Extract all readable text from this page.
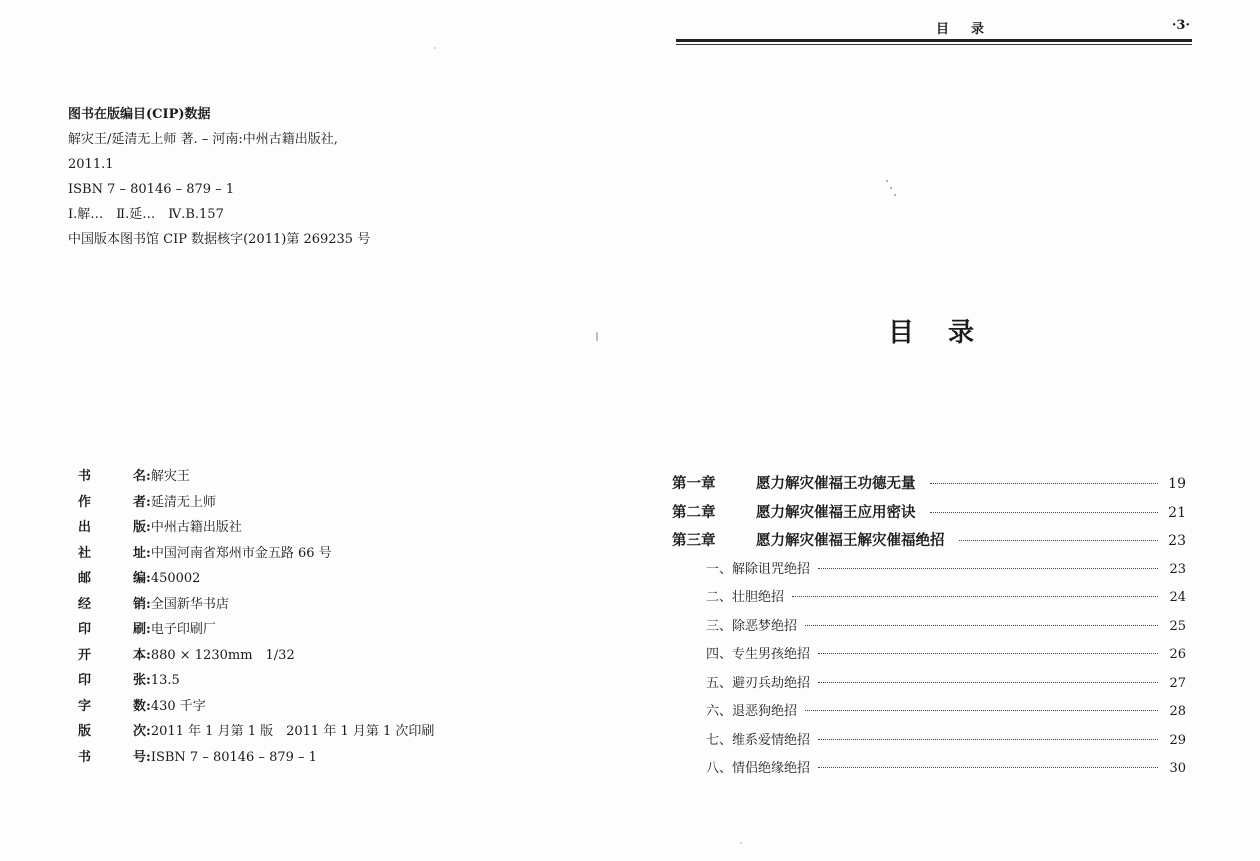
图书在版编目(CIP)数据
解灾王/延清无上师 著. – 河南:中州古籍出版社,
2011.1
ISBN 7 – 80146 – 879 – 1
Ⅰ.解…　Ⅱ.延…　Ⅳ.B.157
中国版本图书馆 CIP 数据核字(2011)第 269235 号
书	名: 解灾王
作	者: 延清无上师
出	版: 中州古籍出版社
社	址: 中国河南省郑州市金五路 66 号
邮	编: 450002
经	销: 全国新华书店
印	刷: 电子印刷厂
开	本: 880 × 1230mm　1/32
印	张: 13.5
字	数: 430 千字
版	次: 2011 年 1 月第 1 版　2011 年 1 月第 1 次印刷
书	号: ISBN 7 – 80146 – 879 – 1
目录	·3·
目录
第一章	愿力解灾催福王功德无量	19
第二章	愿力解灾催福王应用密诀	21
第三章	愿力解灾催福王解灾催福绝招	23
一、解除诅咒绝招	23
二、壮胆绝招	24
三、除恶梦绝招	25
四、专生男孩绝招	26
五、避刃兵劫绝招	27
六、退恶狗绝招	28
七、维系爱情绝招	29
八、情侣绝缘绝招	30
